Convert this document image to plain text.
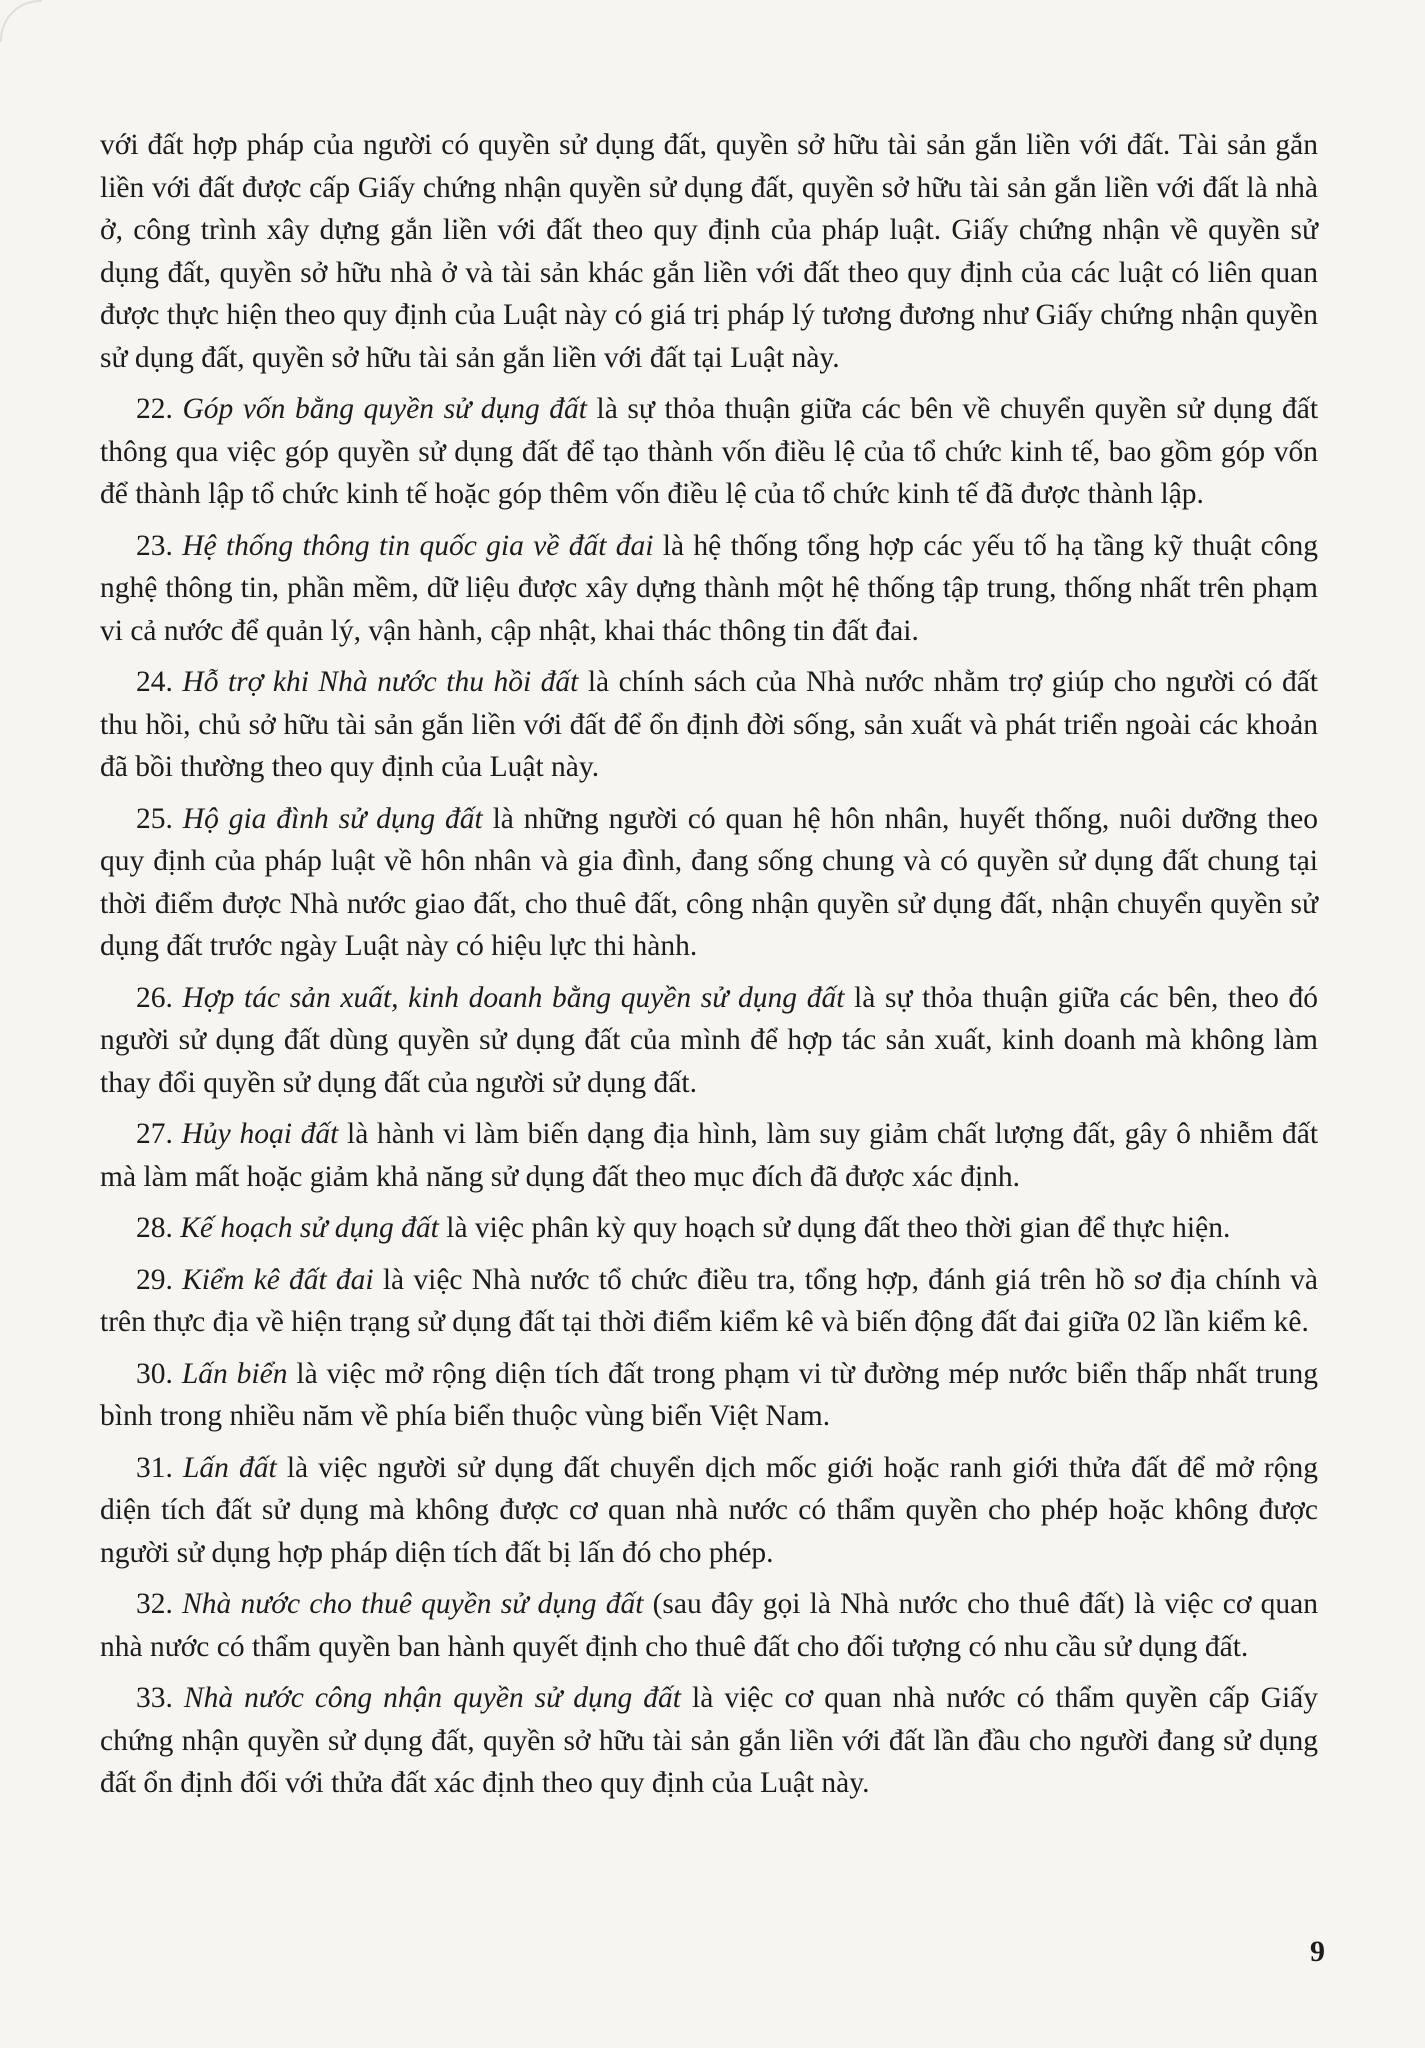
với đất hợp pháp của người có quyền sử dụng đất, quyền sở hữu tài sản gắn liền với đất. Tài sản gắn liền với đất được cấp Giấy chứng nhận quyền sử dụng đất, quyền sở hữu tài sản gắn liền với đất là nhà ở, công trình xây dựng gắn liền với đất theo quy định của pháp luật. Giấy chứng nhận về quyền sử dụng đất, quyền sở hữu nhà ở và tài sản khác gắn liền với đất theo quy định của các luật có liên quan được thực hiện theo quy định của Luật này có giá trị pháp lý tương đương như Giấy chứng nhận quyền sử dụng đất, quyền sở hữu tài sản gắn liền với đất tại Luật này.

22. Góp vốn bằng quyền sử dụng đất là sự thỏa thuận giữa các bên về chuyển quyền sử dụng đất thông qua việc góp quyền sử dụng đất để tạo thành vốn điều lệ của tổ chức kinh tế, bao gồm góp vốn để thành lập tổ chức kinh tế hoặc góp thêm vốn điều lệ của tổ chức kinh tế đã được thành lập.

23. Hệ thống thông tin quốc gia về đất đai là hệ thống tổng hợp các yếu tố hạ tầng kỹ thuật công nghệ thông tin, phần mềm, dữ liệu được xây dựng thành một hệ thống tập trung, thống nhất trên phạm vi cả nước để quản lý, vận hành, cập nhật, khai thác thông tin đất đai.

24. Hỗ trợ khi Nhà nước thu hồi đất là chính sách của Nhà nước nhằm trợ giúp cho người có đất thu hồi, chủ sở hữu tài sản gắn liền với đất để ổn định đời sống, sản xuất và phát triển ngoài các khoản đã bồi thường theo quy định của Luật này.

25. Hộ gia đình sử dụng đất là những người có quan hệ hôn nhân, huyết thống, nuôi dưỡng theo quy định của pháp luật về hôn nhân và gia đình, đang sống chung và có quyền sử dụng đất chung tại thời điểm được Nhà nước giao đất, cho thuê đất, công nhận quyền sử dụng đất, nhận chuyển quyền sử dụng đất trước ngày Luật này có hiệu lực thi hành.

26. Hợp tác sản xuất, kinh doanh bằng quyền sử dụng đất là sự thỏa thuận giữa các bên, theo đó người sử dụng đất dùng quyền sử dụng đất của mình để hợp tác sản xuất, kinh doanh mà không làm thay đổi quyền sử dụng đất của người sử dụng đất.

27. Hủy hoại đất là hành vi làm biến dạng địa hình, làm suy giảm chất lượng đất, gây ô nhiễm đất mà làm mất hoặc giảm khả năng sử dụng đất theo mục đích đã được xác định.

28. Kế hoạch sử dụng đất là việc phân kỳ quy hoạch sử dụng đất theo thời gian để thực hiện.

29. Kiểm kê đất đai là việc Nhà nước tổ chức điều tra, tổng hợp, đánh giá trên hồ sơ địa chính và trên thực địa về hiện trạng sử dụng đất tại thời điểm kiểm kê và biến động đất đai giữa 02 lần kiểm kê.

30. Lấn biển là việc mở rộng diện tích đất trong phạm vi từ đường mép nước biển thấp nhất trung bình trong nhiều năm về phía biển thuộc vùng biển Việt Nam.

31. Lấn đất là việc người sử dụng đất chuyển dịch mốc giới hoặc ranh giới thửa đất để mở rộng diện tích đất sử dụng mà không được cơ quan nhà nước có thẩm quyền cho phép hoặc không được người sử dụng hợp pháp diện tích đất bị lấn đó cho phép.

32. Nhà nước cho thuê quyền sử dụng đất (sau đây gọi là Nhà nước cho thuê đất) là việc cơ quan nhà nước có thẩm quyền ban hành quyết định cho thuê đất cho đối tượng có nhu cầu sử dụng đất.

33. Nhà nước công nhận quyền sử dụng đất là việc cơ quan nhà nước có thẩm quyền cấp Giấy chứng nhận quyền sử dụng đất, quyền sở hữu tài sản gắn liền với đất lần đầu cho người đang sử dụng đất ổn định đối với thửa đất xác định theo quy định của Luật này.

9
